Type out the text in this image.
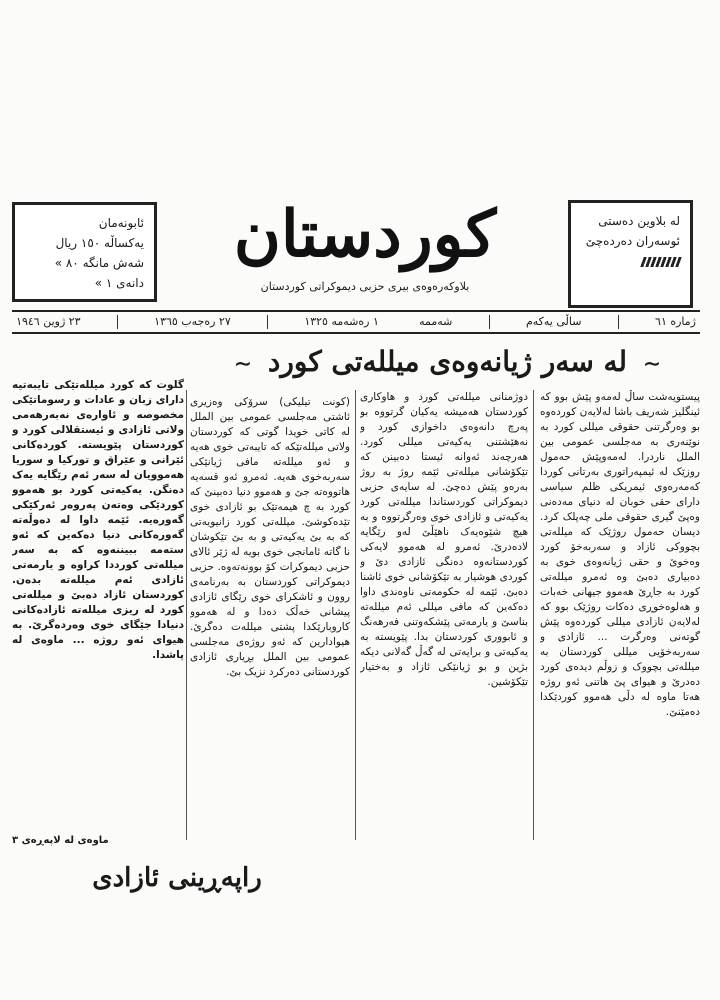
ئابونەمان
یەکساڵە ١٥٠ ریال
شەش مانگە ٨٠ »
دانەی ١ »
کوردستان
بلاوکەرەوەی بیری حزبی دیموکراتی کوردستان
لە بلاوین دەستی
ئوسەران دەردەچێ
ژمارە ٦١
ساڵی یەکەم
شەممە
١ رەشەمە ١٣٢٥
٢٧ رەجەب ١٣٦٥
٢٣ ژوین ١٩٤٦
∽ لە سەر ژیانەوەی میللەتی کورد ∽

پیستویەشت ساڵ لەمەو پێش بوو کە ئینگلیز شەریف باشا لەلایەن کوردەوە بو وەرگرتنی حقوقی میللی کورد بە نوێنەری بە مەجلسی عمومی بین الملل ناردرا. لەمەوپێش حەمول روزێک لە ئیمپەراتوری بەرتانی کوردا کەمەرەوی ئیمریکی ظلم سیاسی دارای حقی خوبان لە دنیای مەدەنی وەپێ گیری حقوقی ملی چەپلک کرد. دیسان حەمول روژێک کە میللەتی بچووکی ئازاد و سەربەخۆ کورد وەخوێ و حقی ژیانەوەی خوی بە دەبیاری دەبێ وە ئەمرو میللەتی کورد بە جاڕێ هەموو جیهانی خەبات و هەلوەخوڕی دەکات روژێک بوو کە لەلایەن ئازادی میللی کوردەوە پێش گوتەنی وەرگرت ... ئازادی و سەربەخۆیی میللی کوردستان بە میللەتی بچووک و زوڵم دیدەی کورد دەدرێ و هیوای پێ هاتنی ئەو روژە هەتا ماوە لە دڵی هەموو کوردێکدا دەمێنێ.

دوژمنانی میللەتی کورد و هاوکاری کوردستان هەمیشە یەکیان گرتووە بو پەرچ دانەوەی داخوازی کورد و نەهێشتنی یەکیەتی میللی کورد. هەرچەند ئەوانە ئیستا دەبینن کە تێکۆشانی میللەتی ئێمە روژ بە روژ بەرەو پێش دەچێ. لە سایەی حزبی دیموکراتی کوردستاندا میللەتی کورد یەکیەتی و ئازادی خوی وەرگرتووە و بە هیچ شێوەیەک ناهێڵێ لەو رێگایە لادەدرێ. ئەمرو لە هەموو لایەکی کوردستانەوە دەنگی ئازادی دێ و کوردی هوشیار بە تێکۆشانی خوی ئاشنا دەبێ. ئێمە لە حکومەتی ناوەندی داوا دەکەین کە مافی میللی ئەم میللەتە بناسێ و یارمەتی پێشکەوتنی فەرهەنگ و ئابووری کوردستان بدا. پێویستە بە یەکیەتی و برایەتی لە گەڵ گەلانی دیکە بژین و بو ژیانێکی ئازاد و بەختیار تێکۆشین.

(کونت تیلیکی) سرۆکی وەزیری ئاشتی مەجلسی عمومی بین الملل لە کاتی خویدا گوتی کە کوردستان ولاتی میللەتێکە کە تایبەتی خوی هەیە و ئەو میللەتە مافی ژیانێکی سەربەخوی هەیە. ئەمرو ئەو قسەیە هاتووەتە جێ و هەموو دنیا دەبینێ کە کورد بە چ هیمەتێک بو ئازادی خوی تێدەکوشێ. میللەتی کورد زانیویەتی کە بە بێ یەکیەتی و بە بێ تێکوشان نا گاتە ئامانجی خوی بویە لە ژێر ئالای حزبی دیموکرات کۆ بوونەتەوە. حزبی دیموکراتی کوردستان بە بەرنامەی روون و ئاشکرای خوی رێگای ئازادی پیشانی خەڵک دەدا و لە هەموو کاروبارێکدا پشتی میللەت دەگرێ. هیوادارین کە ئەو روژەی مەجلسی عمومی بین الملل بڕیاری ئازادی کوردستانی دەرکرد نزیک بێ.

گلوت کە کورد میللەتێکی تایبەتیە دارای زبان و عادات و رسوماتێکی مخصوصە و ئاوارەی نەبەرهەمی ولاتی ئازادی و ئیستقلالی کورد و کوردستان پێویستە. کوردەکانی ئێرانی و عێراق و تورکیا و سوریا هەموویان لە سەر ئەم رێگایە یەک دەنگن. یەکیەتی کورد بو هەموو کوردێکی وەتەن پەروەر ئەرکێکی گەورەیە. ئێمە داوا لە دەوڵەتە گەورەکانی دنیا دەکەین کە ئەو ستەمە ببیننەوە کە بە سەر میللەتی کورددا کراوە و یارمەتی ئازادی ئەم میللەتە بدەن. کوردستان ئازاد دەبێ و میللەتی کورد لە ریزی میللەتە ئازادەکانی دنیادا جێگای خوی وەردەگرێ. بە هیوای ئەو روژە ... ماوەی لە پاشدا.

ماوەی لە لاپەڕەی ٣
راپەڕینی ئازادی
